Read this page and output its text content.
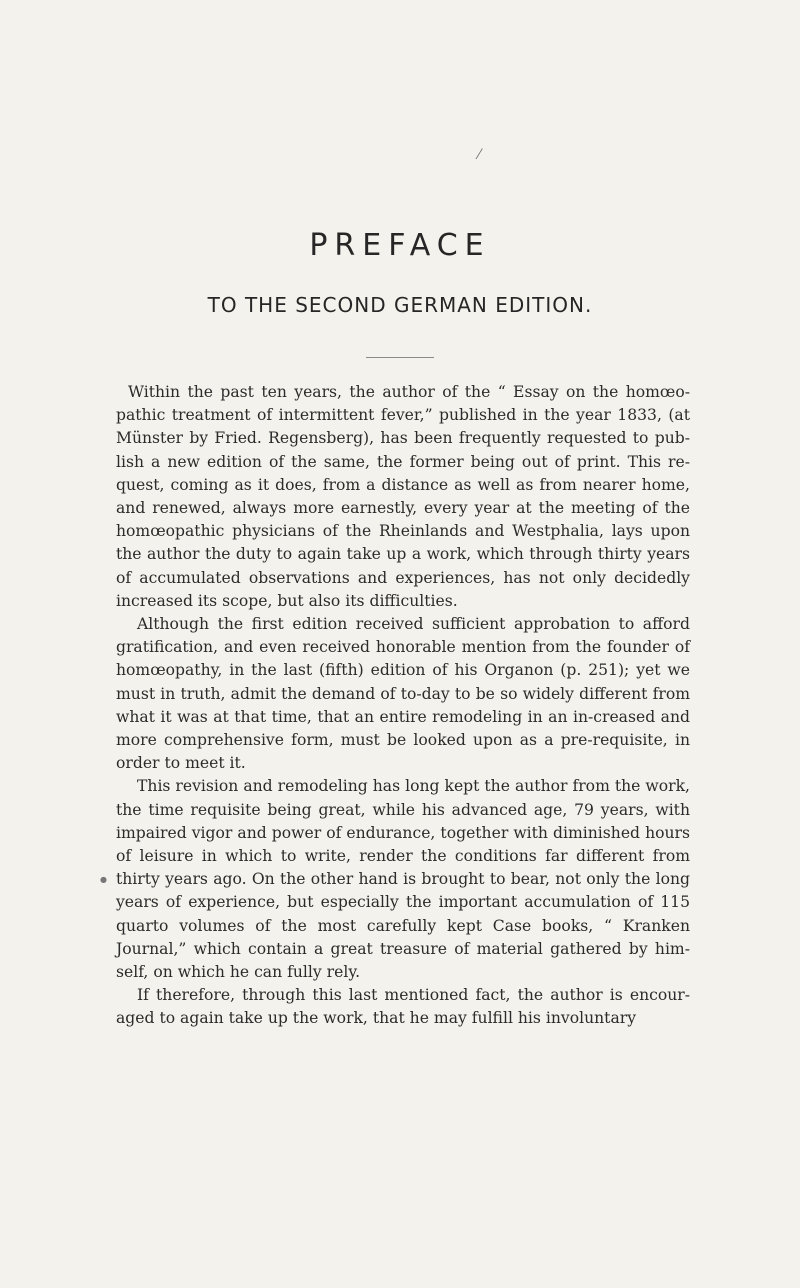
PREFACE
TO THE SECOND GERMAN EDITION.

Within the past ten years, the author of the “ Essay on the homœo-pathic treatment of intermittent fever,” published in the year 1833, (at Münster by Fried. Regensberg), has been frequently requested to pub-lish a new edition of the same, the former being out of print. This re-quest, coming as it does, from a distance as well as from nearer home, and renewed, always more earnestly, every year at the meeting of the homœopathic physicians of the Rheinlands and Westphalia, lays upon the author the duty to again take up a work, which through thirty years of accumulated observations and experiences, has not only decidedly increased its scope, but also its difficulties.

Although the first edition received sufficient approbation to afford gratification, and even received honorable mention from the founder of homœopathy, in the last (fifth) edition of his Organon (p. 251); yet we must in truth, admit the demand of to-day to be so widely different from what it was at that time, that an entire remodeling in an in-creased and more comprehensive form, must be looked upon as a pre-requisite, in order to meet it.

This revision and remodeling has long kept the author from the work, the time requisite being great, while his advanced age, 79 years, with impaired vigor and power of endurance, together with diminished hours of leisure in which to write, render the conditions far different from thirty years ago. On the other hand is brought to bear, not only the long years of experience, but especially the important accumulation of 115 quarto volumes of the most carefully kept Case books, “ Kranken Journal,” which contain a great treasure of material gathered by him-self, on which he can fully rely.

If therefore, through this last mentioned fact, the author is encour-aged to again take up the work, that he may fulfill his involuntary

⁄
●
